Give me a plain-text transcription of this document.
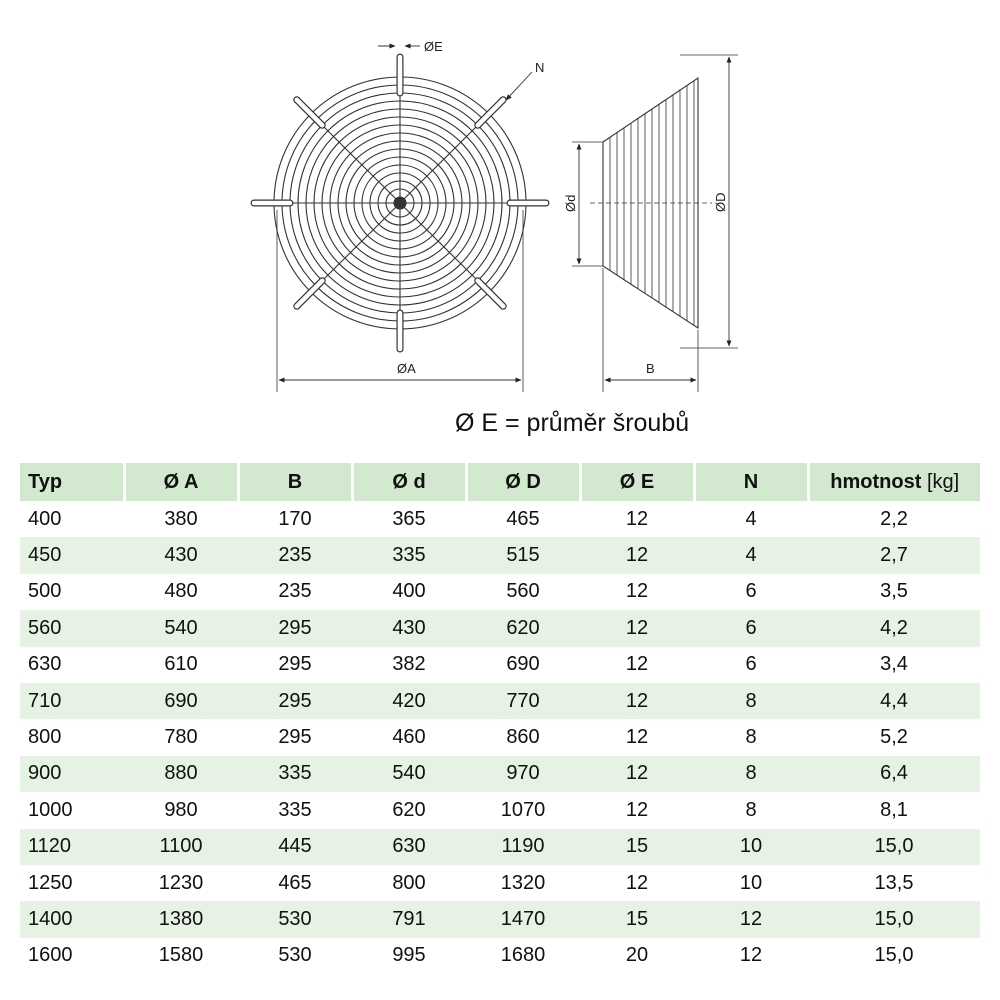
ØA
ØE
N
Ød	ØD
B
Ø E = průměr šroubů
Typ	Ø A	B	Ø d	Ø D	Ø E	N	hmotnost [kg]
400	380	170	365	465	12	4	2,2
450	430	235	335	515	12	4	2,7
500	480	235	400	560	12	6	3,5
560	540	295	430	620	12	6	4,2
630	610	295	382	690	12	6	3,4
710	690	295	420	770	12	8	4,4
800	780	295	460	860	12	8	5,2
900	880	335	540	970	12	8	6,4
1000	980	335	620	1070	12	8	8,1
1120	1100	445	630	1190	15	10	15,0
1250	1230	465	800	1320	12	10	13,5
1400	1380	530	791	1470	15	12	15,0
1600	1580	530	995	1680	20	12	15,0
